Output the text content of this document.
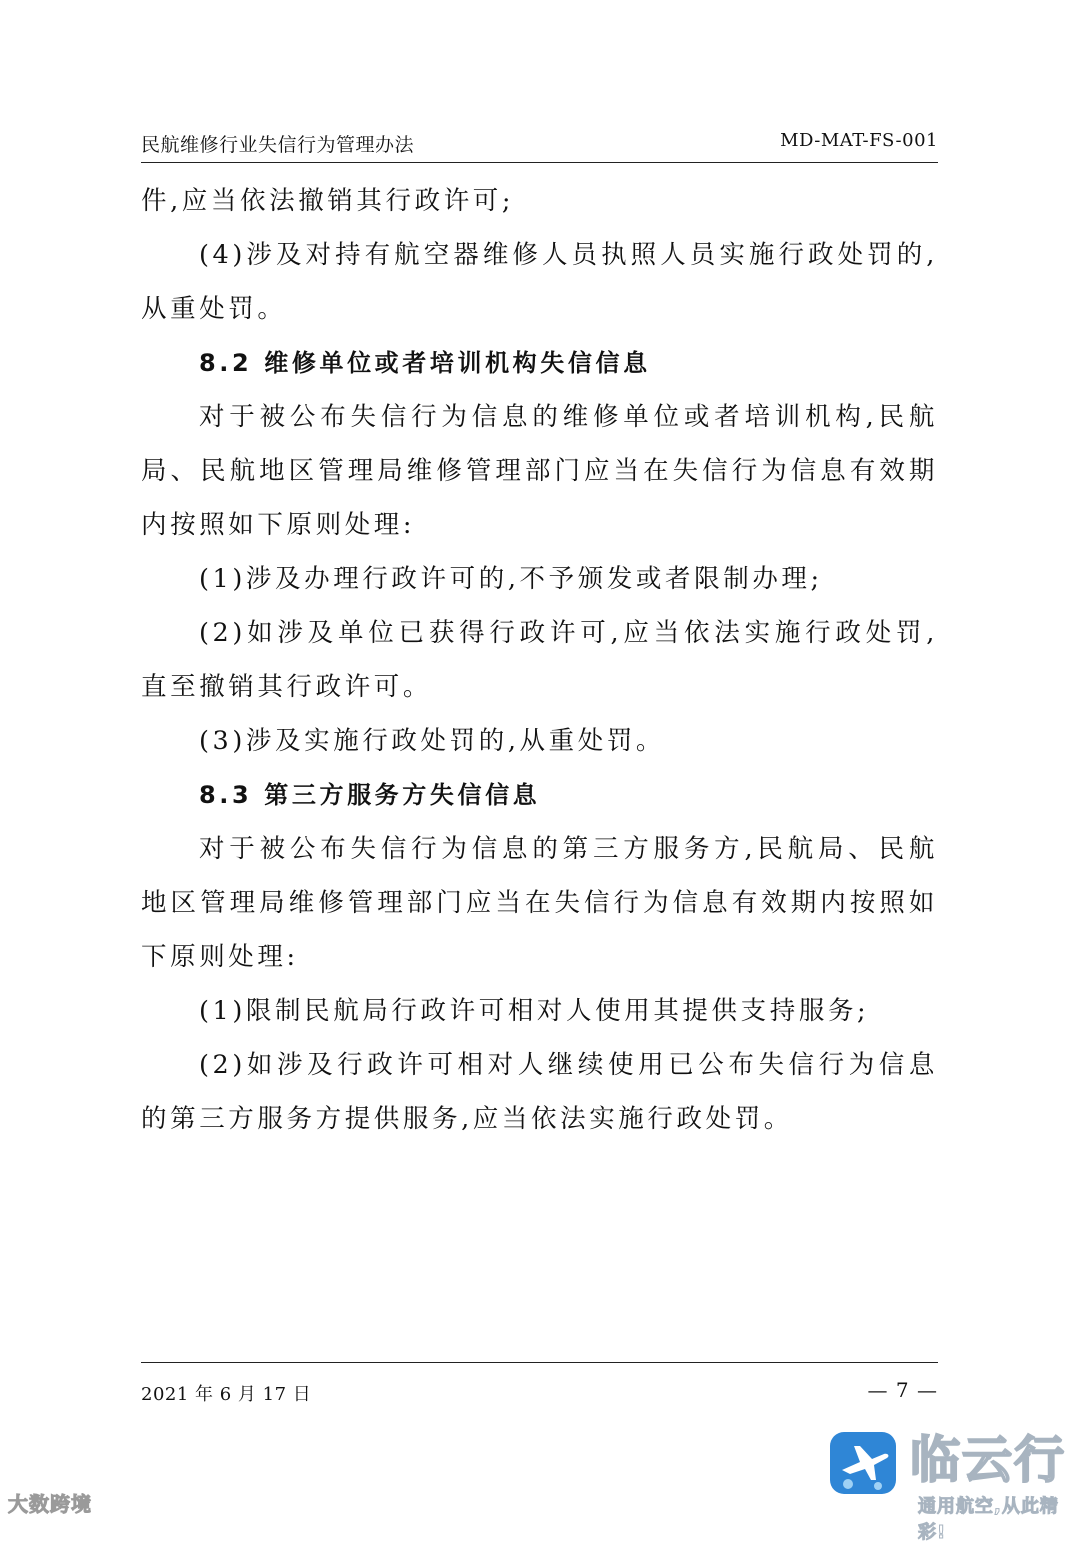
民航维修行业失信行为管理办法	MD-MAT-FS-001

件,应当依法撤销其行政许可;

(4)涉及对持有航空器维修人员执照人员实施行政处罚的,从重处罚。

8.2 维修单位或者培训机构失信信息

对于被公布失信行为信息的维修单位或者培训机构,民航局、民航地区管理局维修管理部门应当在失信行为信息有效期内按照如下原则处理:

(1)涉及办理行政许可的,不予颁发或者限制办理;

(2)如涉及单位已获得行政许可,应当依法实施行政处罚,直至撤销其行政许可。

(3)涉及实施行政处罚的,从重处罚。

8.3 第三方服务方失信信息

对于被公布失信行为信息的第三方服务方,民航局、民航地区管理局维修管理部门应当在失信行为信息有效期内按照如下原则处理:

(1)限制民航局行政许可相对人使用其提供支持服务;

(2)如涉及行政许可相对人继续使用已公布失信行为信息的第三方服务方提供服务,应当依法实施行政处罚。

2021 年 6 月 17 日	— 7 —
大数跨境
临云行
通用航空,从此精彩!
